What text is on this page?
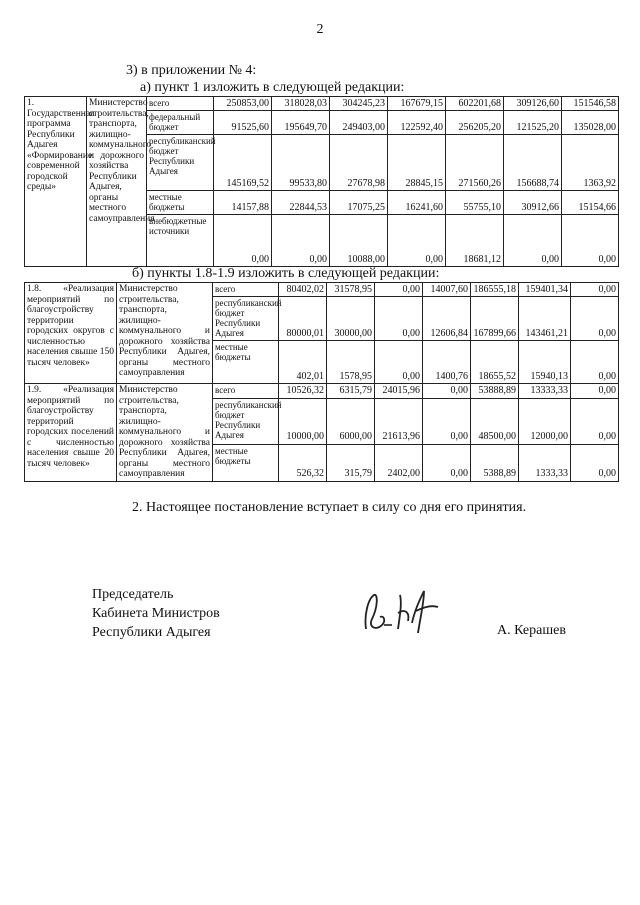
2
3) в приложении № 4:
а) пункт 1 изложить в следующей редакции:
1. Государственная программа Республики Адыгея «Формирование современной городской среды»	Министерство строительства, транспорта, жилищно-коммунального и дорожного хозяйства Республики Адыгея, органы местного самоуправления	всего	250853,00	318028,03	304245,23	167679,15	602201,68	309126,60	151546,58
		федеральный бюджет	91525,60	195649,70	249403,00	122592,40	256205,20	121525,20	135028,00
		республиканский бюджет Республики Адыгея	145169,52	99533,80	27678,98	28845,15	271560,26	156688,74	1363,92
		местные бюджеты	14157,88	22844,53	17075,25	16241,60	55755,10	30912,66	15154,66
		внебюджетные источники	0,00	0,00	10088,00	0,00	18681,12	0,00	0,00
б) пункты 1.8-1.9 изложить в следующей редакции:
1.8. «Реализация мероприятий по благоустройству территории городских округов с численностью населения свыше 150 тысяч человек»	Министерство строительства, транспорта, жилищно-коммунального и дорожного хозяйства Республики Адыгея, органы местного самоуправления	всего	80402,02	31578,95	0,00	14007,60	186555,18	159401,34	0,00
		республиканский бюджет Республики Адыгея	80000,01	30000,00	0,00	12606,84	167899,66	143461,21	0,00
		местные бюджеты	402,01	1578,95	0,00	1400,76	18655,52	15940,13	0,00
1.9. «Реализация мероприятий по благоустройству территорий городских поселений с численностью населения свыше 20 тысяч человек»	Министерство строительства, транспорта, жилищно-коммунального и дорожного хозяйства Республики Адыгея, органы местного самоуправления	всего	10526,32	6315,79	24015,96	0,00	53888,89	13333,33	0,00
		республиканский бюджет Республики Адыгея	10000,00	6000,00	21613,96	0,00	48500,00	12000,00	0,00
		местные бюджеты	526,32	315,79	2402,00	0,00	5388,89	1333,33	0,00
2. Настоящее постановление вступает в силу со дня его принятия.
Председатель
Кабинета Министров
Республики Адыгея	А. Керашев
